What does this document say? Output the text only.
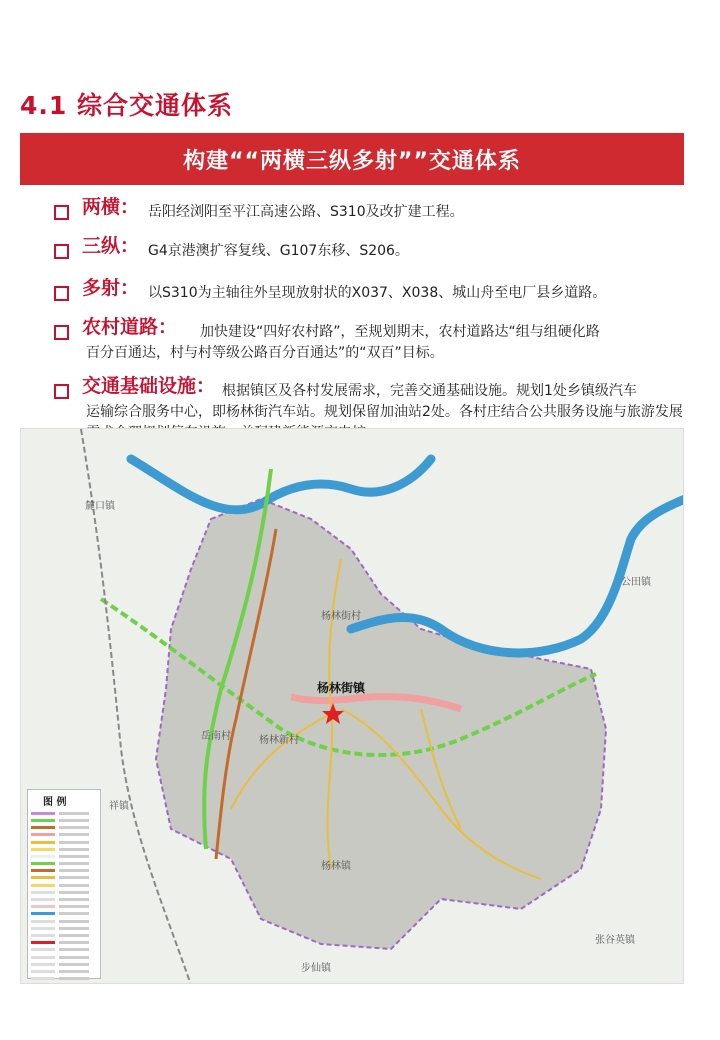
4.1 综合交通体系
构建““两横三纵多射””交通体系
两横： 岳阳经浏阳至平江高速公路、S310及改扩建工程。
三纵： G4京港澳扩容复线、G107东移、S206。
多射： 以S310为主轴往外呈现放射状的X037、X038、城山舟至电厂县乡道路。
农村道路：	加快建设“四好农村路”，至规划期末，农村道路达“组与组硬化路
百分百通达，村与村等级公路百分百通达”的“双百”目标。
交通基础设施： 根据镇区及各村发展需求，完善交通基础设施。规划1处乡镇级汽车
运输综合服务中心，即杨林街汽车站。规划保留加油站2处。各村庄结合公共服务设施与旅游发展
杨林街镇
麓口镇
公田镇
祥镇
张谷英镇
步仙镇
杨林街村
岳南村	杨林新村
杨林镇
图 例
